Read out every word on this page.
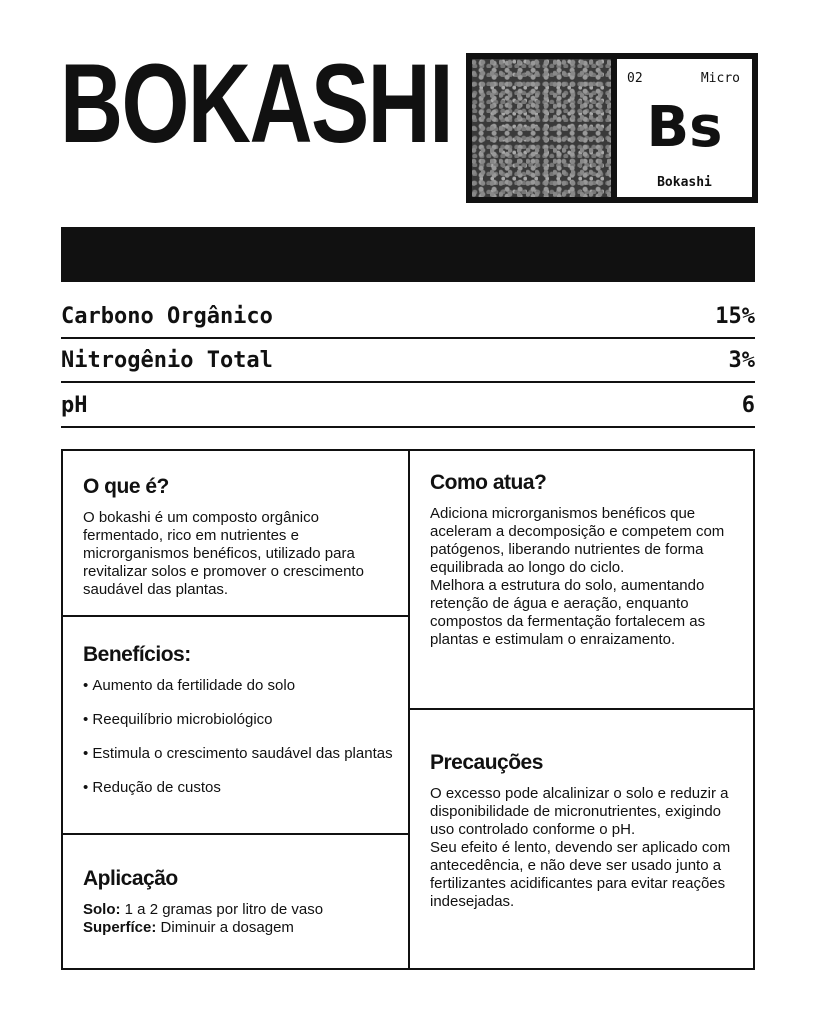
BOKASHI	02	Micro
Bs
Bokashi
Carbono Orgânico	15%
Nitrogênio Total	3%
pH	6
O que é?

O bokashi é um composto orgânico fermentado, rico em nutrientes e microrganismos benéficos, utilizado para revitalizar solos e promover o crescimento saudável das plantas.

Benefícios:
• Aumento da fertilidade do solo
• Reequilíbrio microbiológico
• Estimula o crescimento saudável das plantas
• Redução de custos
Aplicação

Solo: 1 a 2 gramas por litro de vaso

Superfíce: Diminuir a dosagem

Como atua?

Adiciona microrganismos benéficos que aceleram a decomposição e competem com patógenos, liberando nutrientes de forma equilibrada ao longo do ciclo.

Melhora a estrutura do solo, aumentando retenção de água e aeração, enquanto compostos da fermentação fortalecem as plantas e estimulam o enraizamento.

Precauções

O excesso pode alcalinizar o solo e reduzir a disponibilidade de micronutrientes, exigindo uso controlado conforme o pH.

Seu efeito é lento, devendo ser aplicado com antecedência, e não deve ser usado junto a fertilizantes acidificantes para evitar reações indesejadas.
